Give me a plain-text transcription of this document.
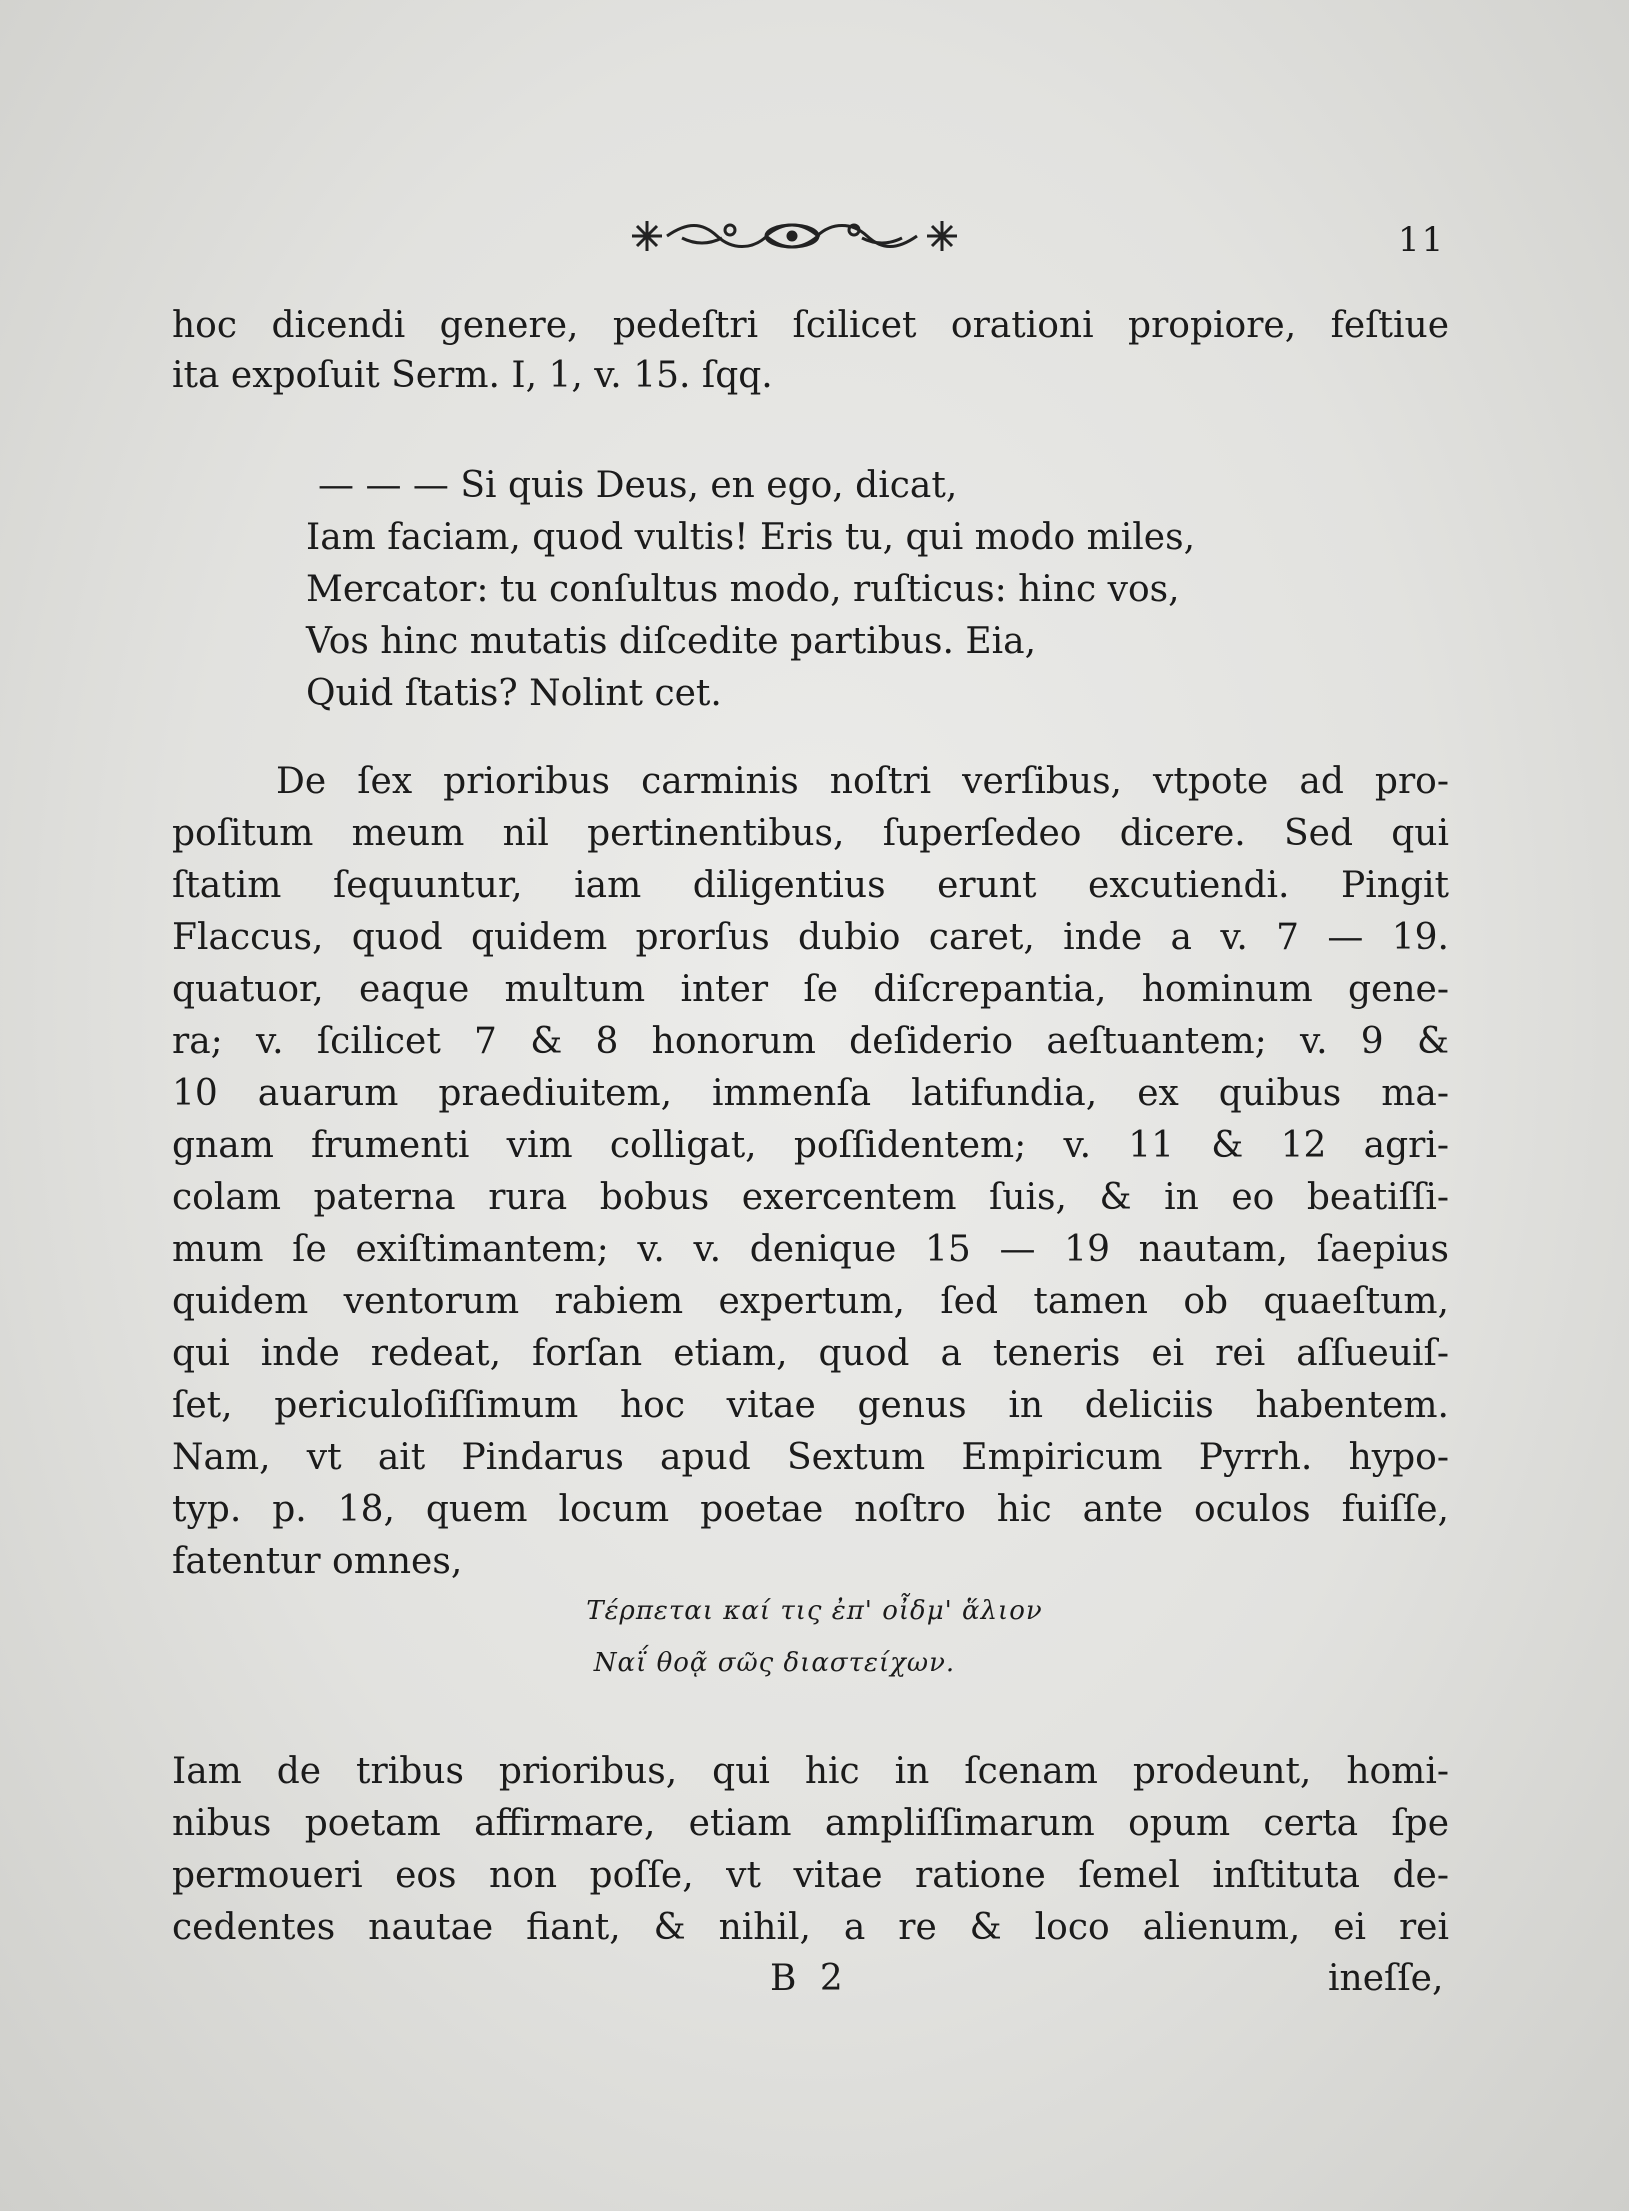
11
hoc dicendi genere, pedeſtri ſcilicet orationi propiore, feſtiue
ita expoſuit Serm. I, 1, v. 15. ſqq.
— — — Si quis Deus, en ego, dicat,
Iam faciam, quod vultis! Eris tu, qui modo miles,
Mercator: tu conſultus modo, ruſticus: hinc vos,
Vos hinc mutatis diſcedite partibus. Eia,
Quid ſtatis? Nolint cet.
De ſex prioribus carminis noſtri verſibus, vtpote ad pro-
poſitum meum nil pertinentibus, ſuperſedeo dicere. Sed qui
ſtatim ſequuntur, iam diligentius erunt excutiendi. Pingit
Flaccus, quod quidem prorſus dubio caret, inde a v. 7 — 19.
quatuor, eaque multum inter ſe diſcrepantia, hominum gene-
ra; v. ſcilicet 7 & 8 honorum deſiderio aeſtuantem; v. 9 &
10 auarum praediuitem, immenſa latifundia, ex quibus ma-
gnam frumenti vim colligat, poſſidentem; v. 11 & 12 agri-
colam paterna rura bobus exercentem ſuis, & in eo beatiſſi-
mum ſe exiſtimantem; v. v. denique 15 — 19 nautam, ſaepius
quidem ventorum rabiem expertum, ſed tamen ob quaeſtum,
qui inde redeat, forſan etiam, quod a teneris ei rei aſſueuiſ-
ſet, periculoſiſſimum hoc vitae genus in deliciis habentem.
Nam, vt ait Pindarus apud Sextum Empiricum Pyrrh. hypo-
typ. p. 18, quem locum poetae noſtro hic ante oculos fuiſſe,
fatentur omnes,
Τέρπεται καί τις ἐπ' οἶδμ' ἅλιον
Ναΐ θοᾷ σῶς διαστείχων.
Iam de tribus prioribus, qui hic in ſcenam prodeunt, homi-
nibus poetam affirmare, etiam ampliſſimarum opum certa ſpe
permoueri eos non poſſe, vt vitae ratione ſemel inſtituta de-
cedentes nautae fiant, & nihil, a re & loco alienum, ei rei
B 2	ineſſe,
